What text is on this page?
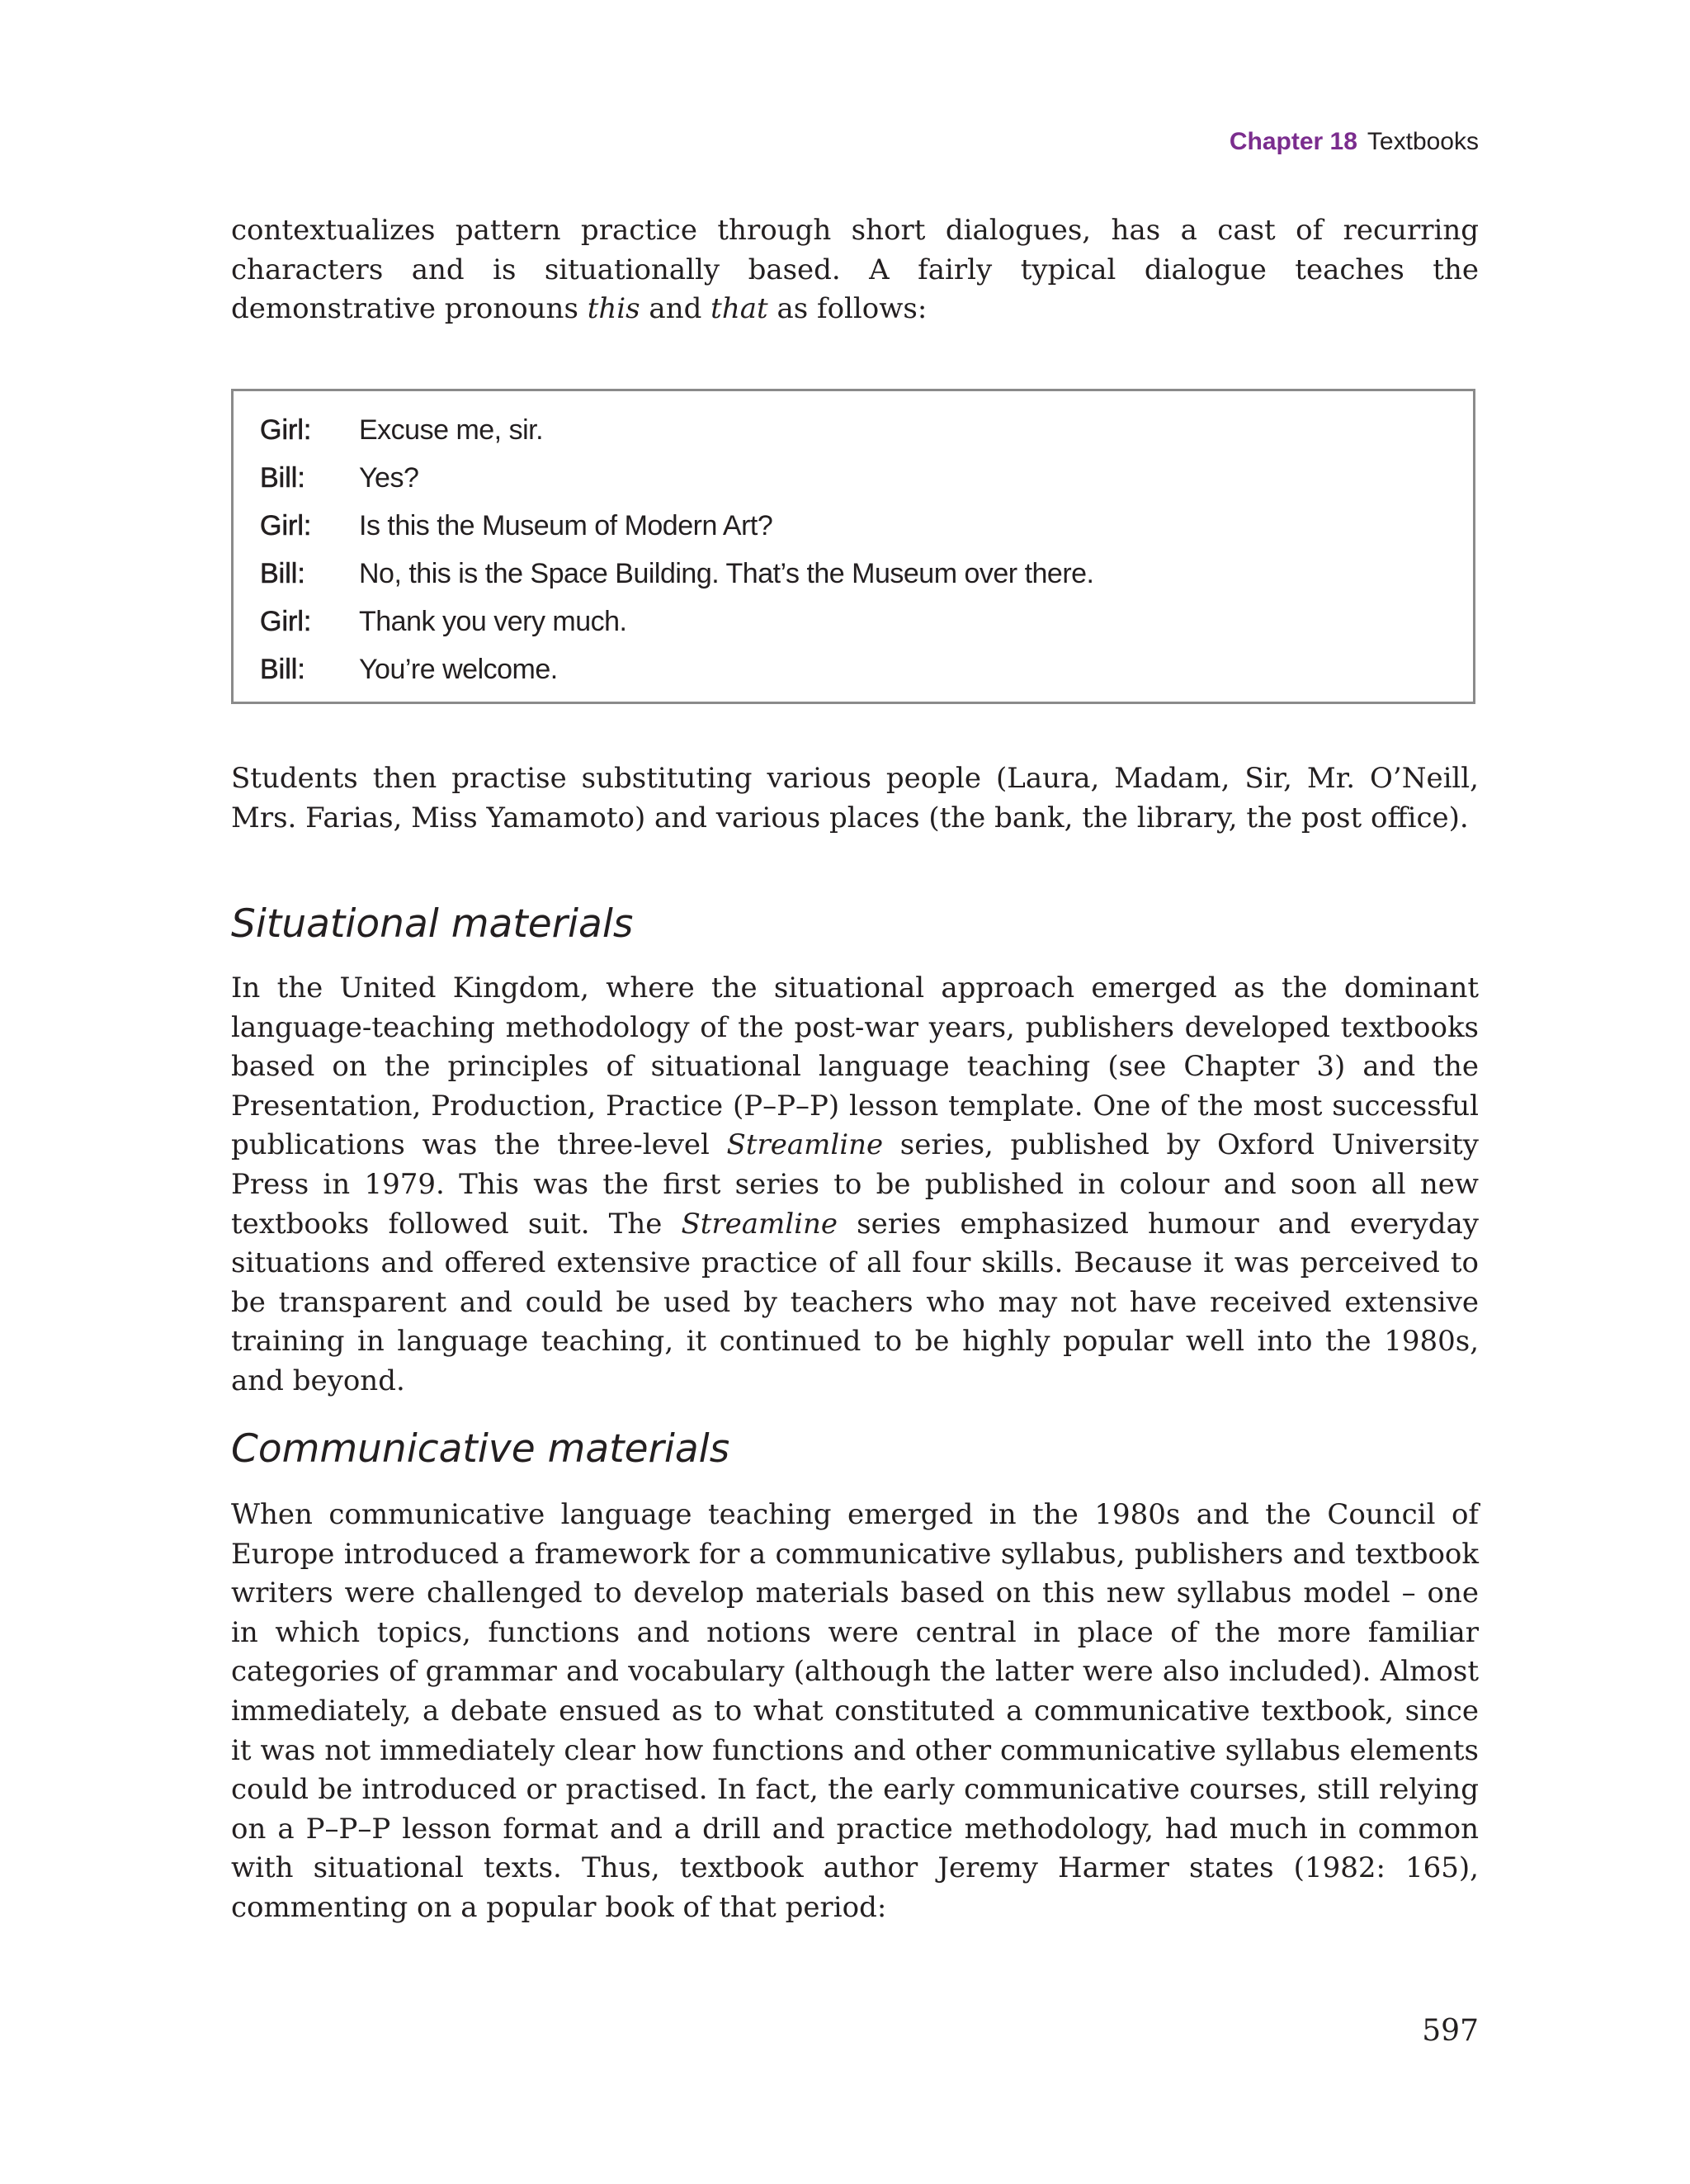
Chapter 18 Textbooks

contextualizes pattern practice through short dialogues, has a cast of recurring characters and is situationally based. A fairly typical dialogue teaches the demonstrative pronouns this and that as follows:

Girl:	Excuse me, sir.
Bill:	Yes?
Girl:	Is this the Museum of Modern Art?
Bill:	No, this is the Space Building. That’s the Museum over there.
Girl:	Thank you very much.
Bill:	You’re welcome.

Students then practise substituting various people (Laura, Madam, Sir, Mr. O’Neill, Mrs. Farias, Miss Yamamoto) and various places (the bank, the library, the post office).

Situational materials

In the United Kingdom, where the situational approach emerged as the dominant language-teaching methodology of the post-war years, publishers developed textbooks based on the principles of situational language teaching (see Chapter 3) and the Presentation, Production, Practice (P–P–P) lesson template. One of the most successful publications was the three-level Streamline series, published by Oxford University Press in 1979. This was the first series to be published in colour and soon all new textbooks followed suit. The Streamline series emphasized humour and everyday situations and offered extensive practice of all four skills. Because it was perceived to be transparent and could be used by teachers who may not have received extensive training in language teaching, it continued to be highly popular well into the 1980s, and beyond.

Communicative materials

When communicative language teaching emerged in the 1980s and the Council of Europe introduced a framework for a communicative syllabus, publishers and textbook writers were challenged to develop materials based on this new syllabus model – one in which topics, functions and notions were central in place of the more familiar categories of grammar and vocabulary (although the latter were also included). Almost immediately, a debate ensued as to what constituted a communicative textbook, since it was not immediately clear how functions and other communicative syllabus elements could be introduced or practised. In fact, the early communicative courses, still relying on a P–P–P lesson format and a drill and practice methodology, had much in common with situational texts. Thus, textbook author Jeremy Harmer states (1982: 165), commenting on a popular book of that period:

597
